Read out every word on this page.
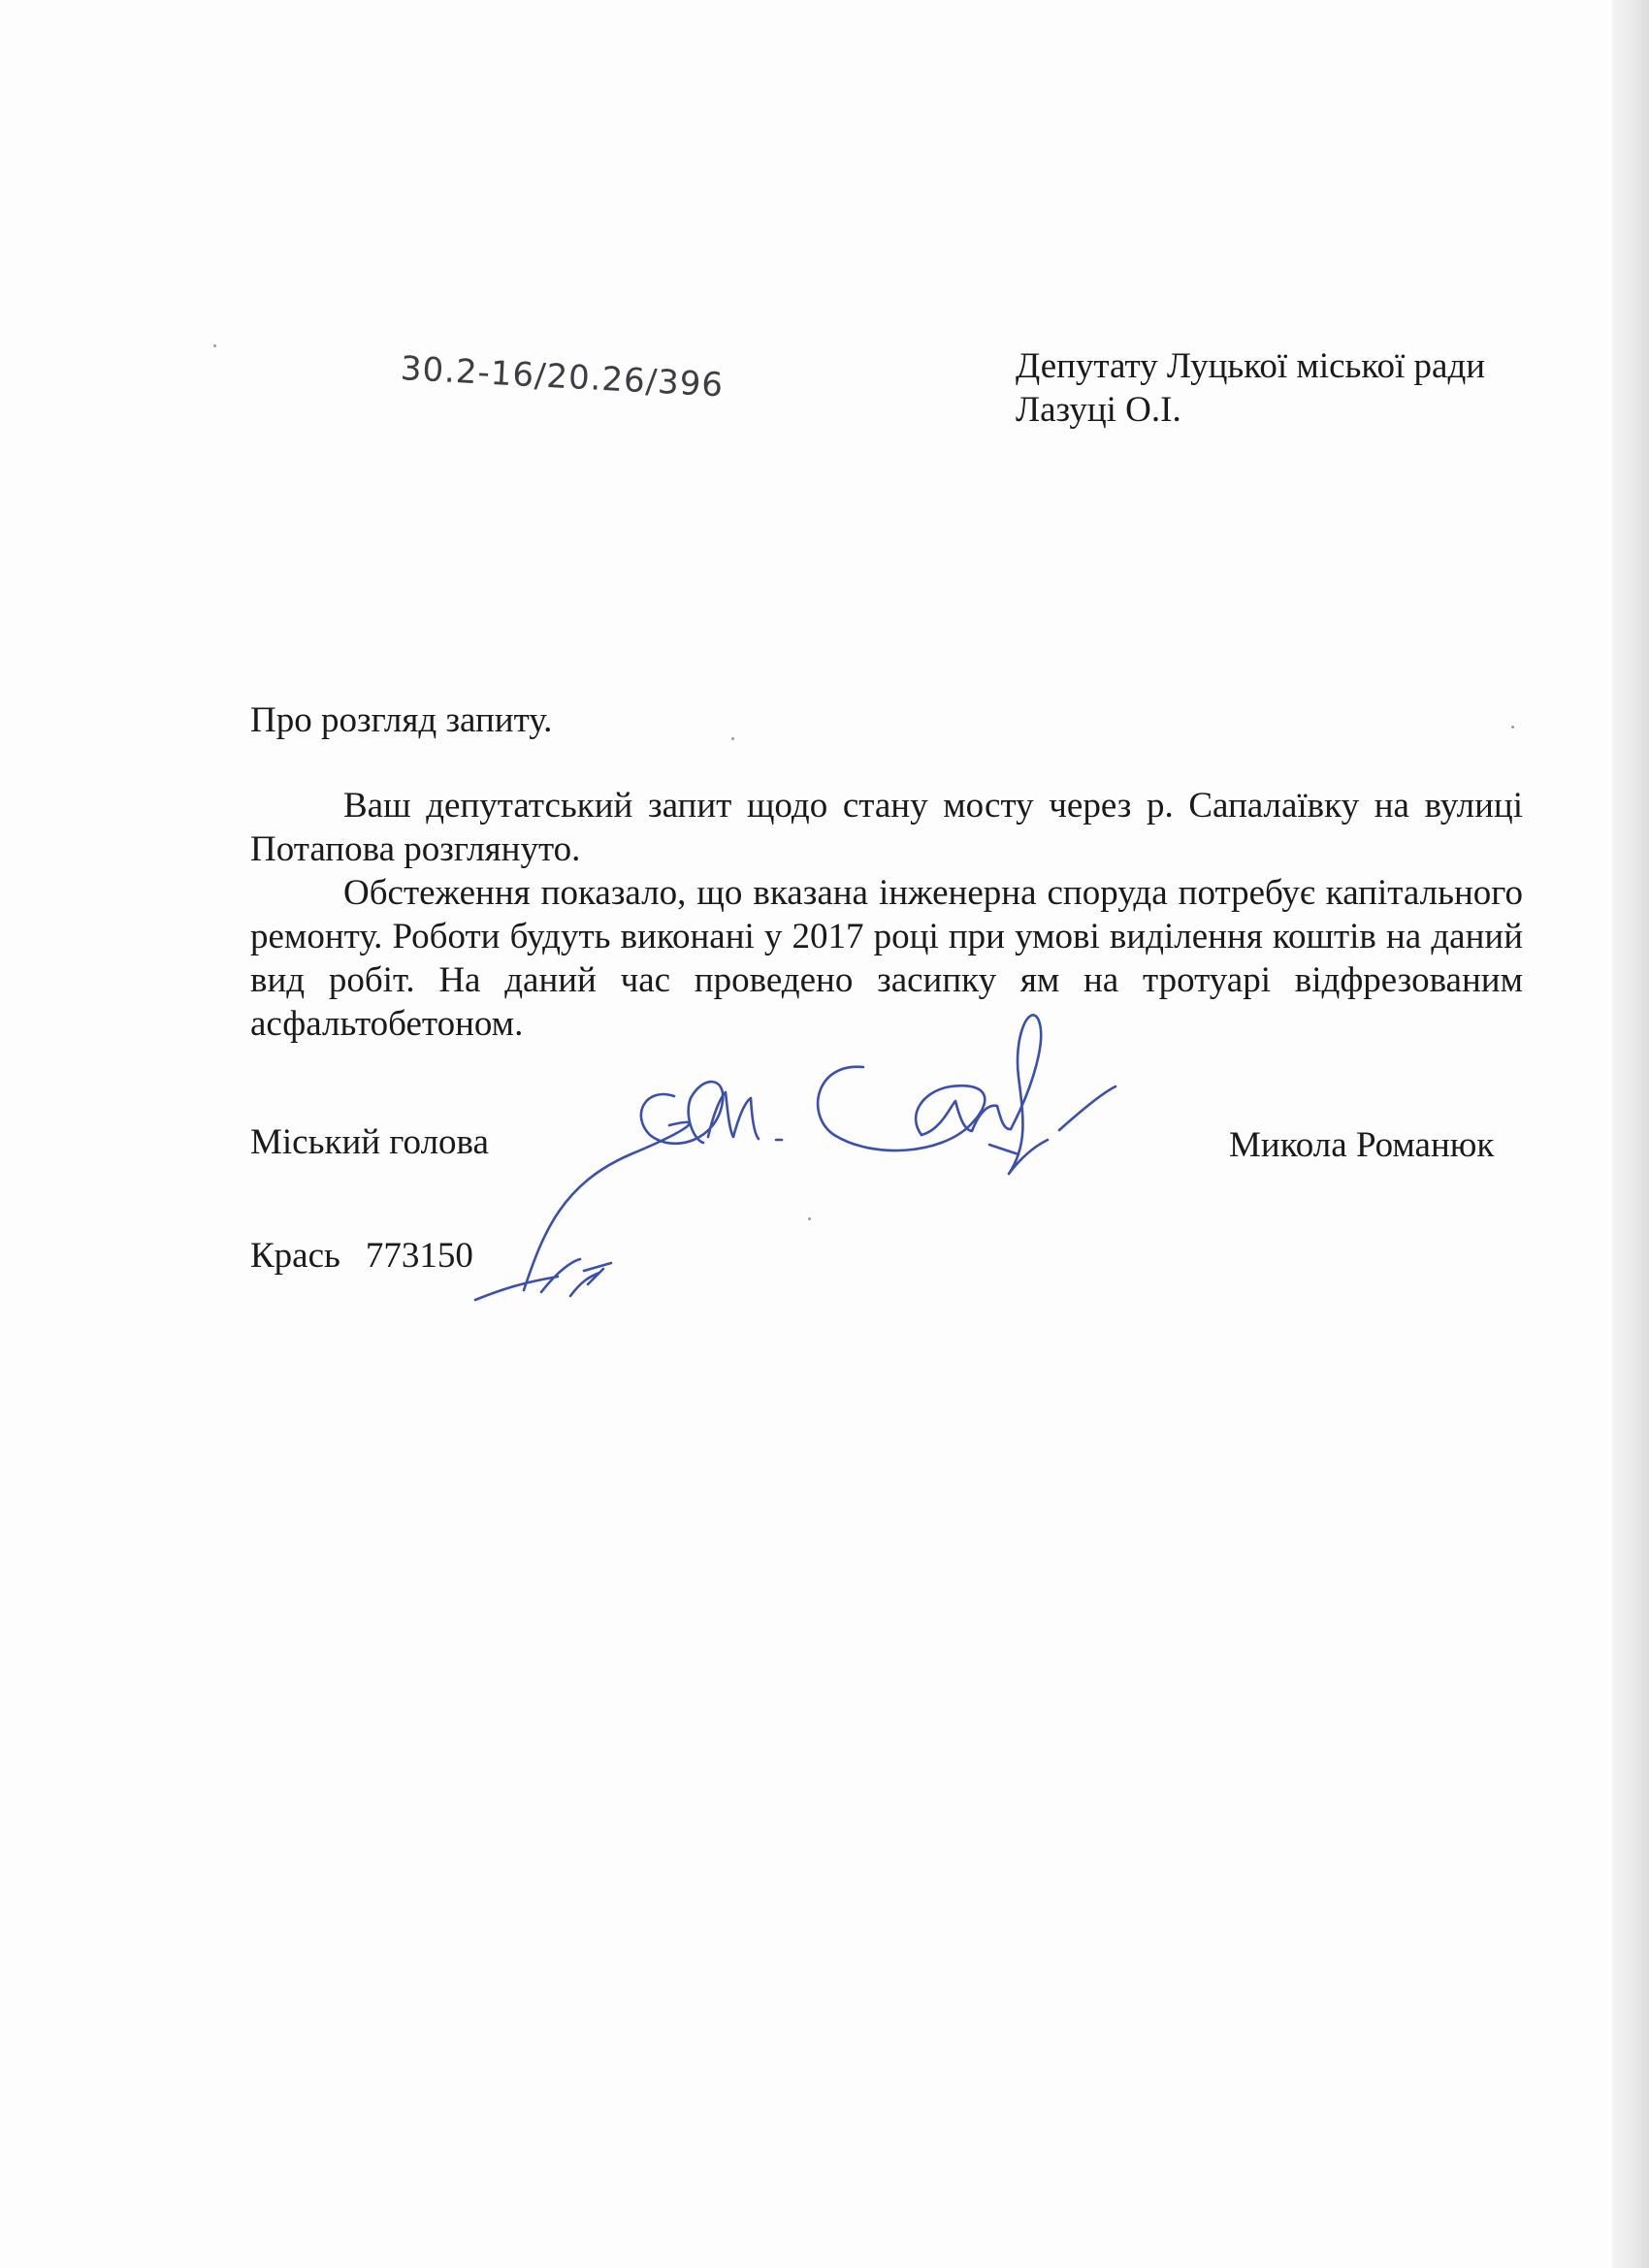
30.2-16/20.26/396	Депутату Луцької міської ради
Лазуці О.І.
Про розгляд запиту.

Ваш депутатський запит щодо стану мосту через р. Сапалаївку на вулиці Потапова розглянуто.

Обстеження показало, що вказана інженерна споруда потребує капітального ремонту. Роботи будуть виконані у 2017 році при умові виділення коштів на даний вид робіт. На даний час проведено засипку ям на тротуарі відфрезованим асфальтобетоном.

Міський голова	Микола Романюк
Крась 773150
